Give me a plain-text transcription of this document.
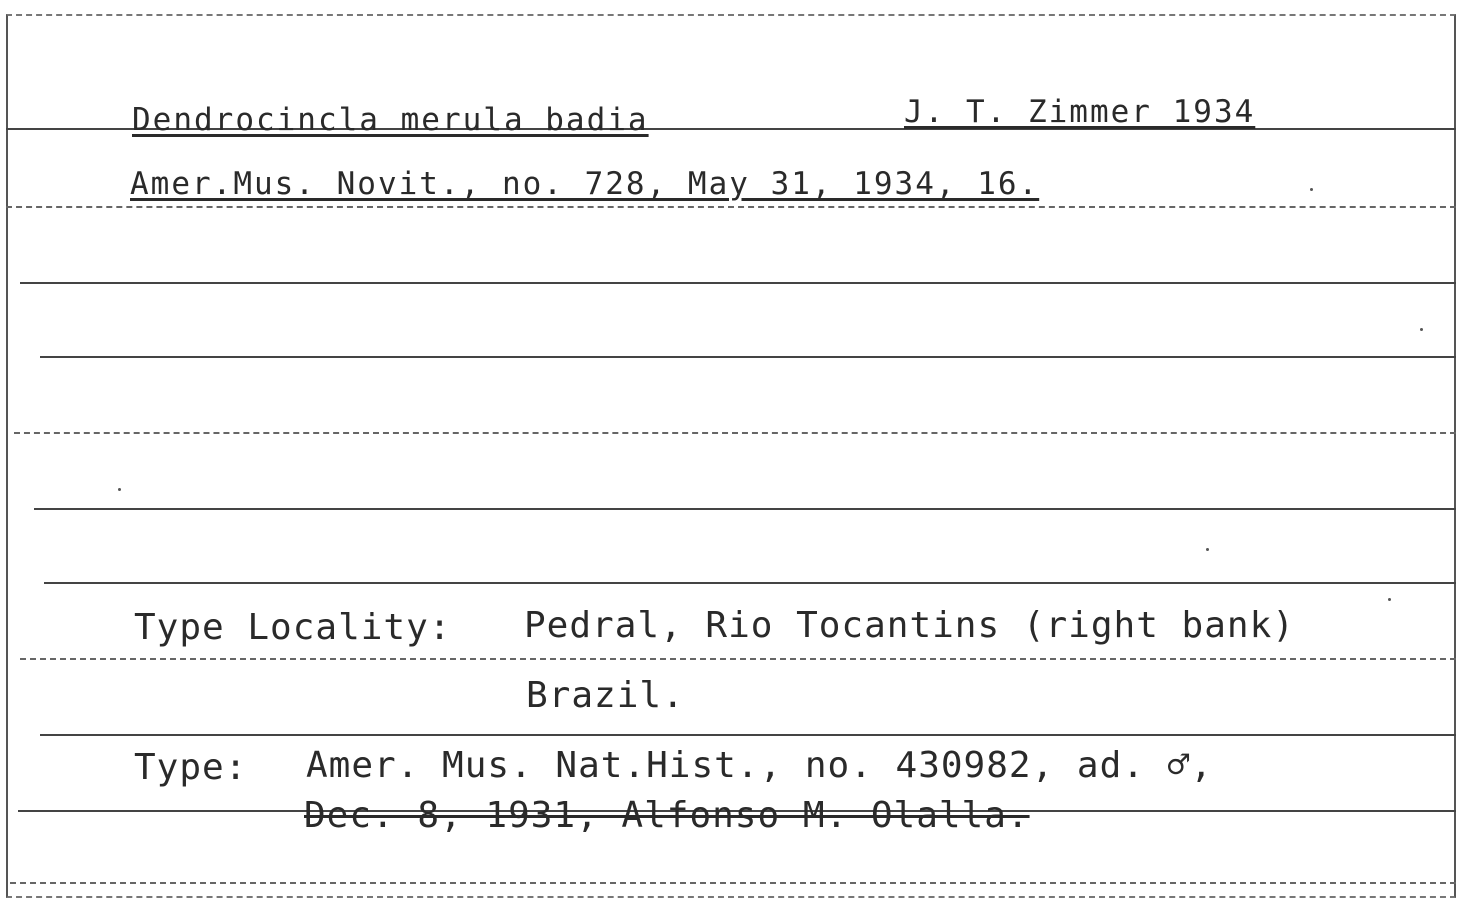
Dendrocincla merula badia	J. T. Zimmer 1934
Amer.Mus. Novit., no. 728, May 31, 1934, 16.
Type Locality: Pedral, Rio Tocantins (right bank)
Brazil.
Type: Amer. Mus. Nat.Hist., no. 430982, ad. ♂,
Dec. 8, 1931, Alfonso M. Olalla.
